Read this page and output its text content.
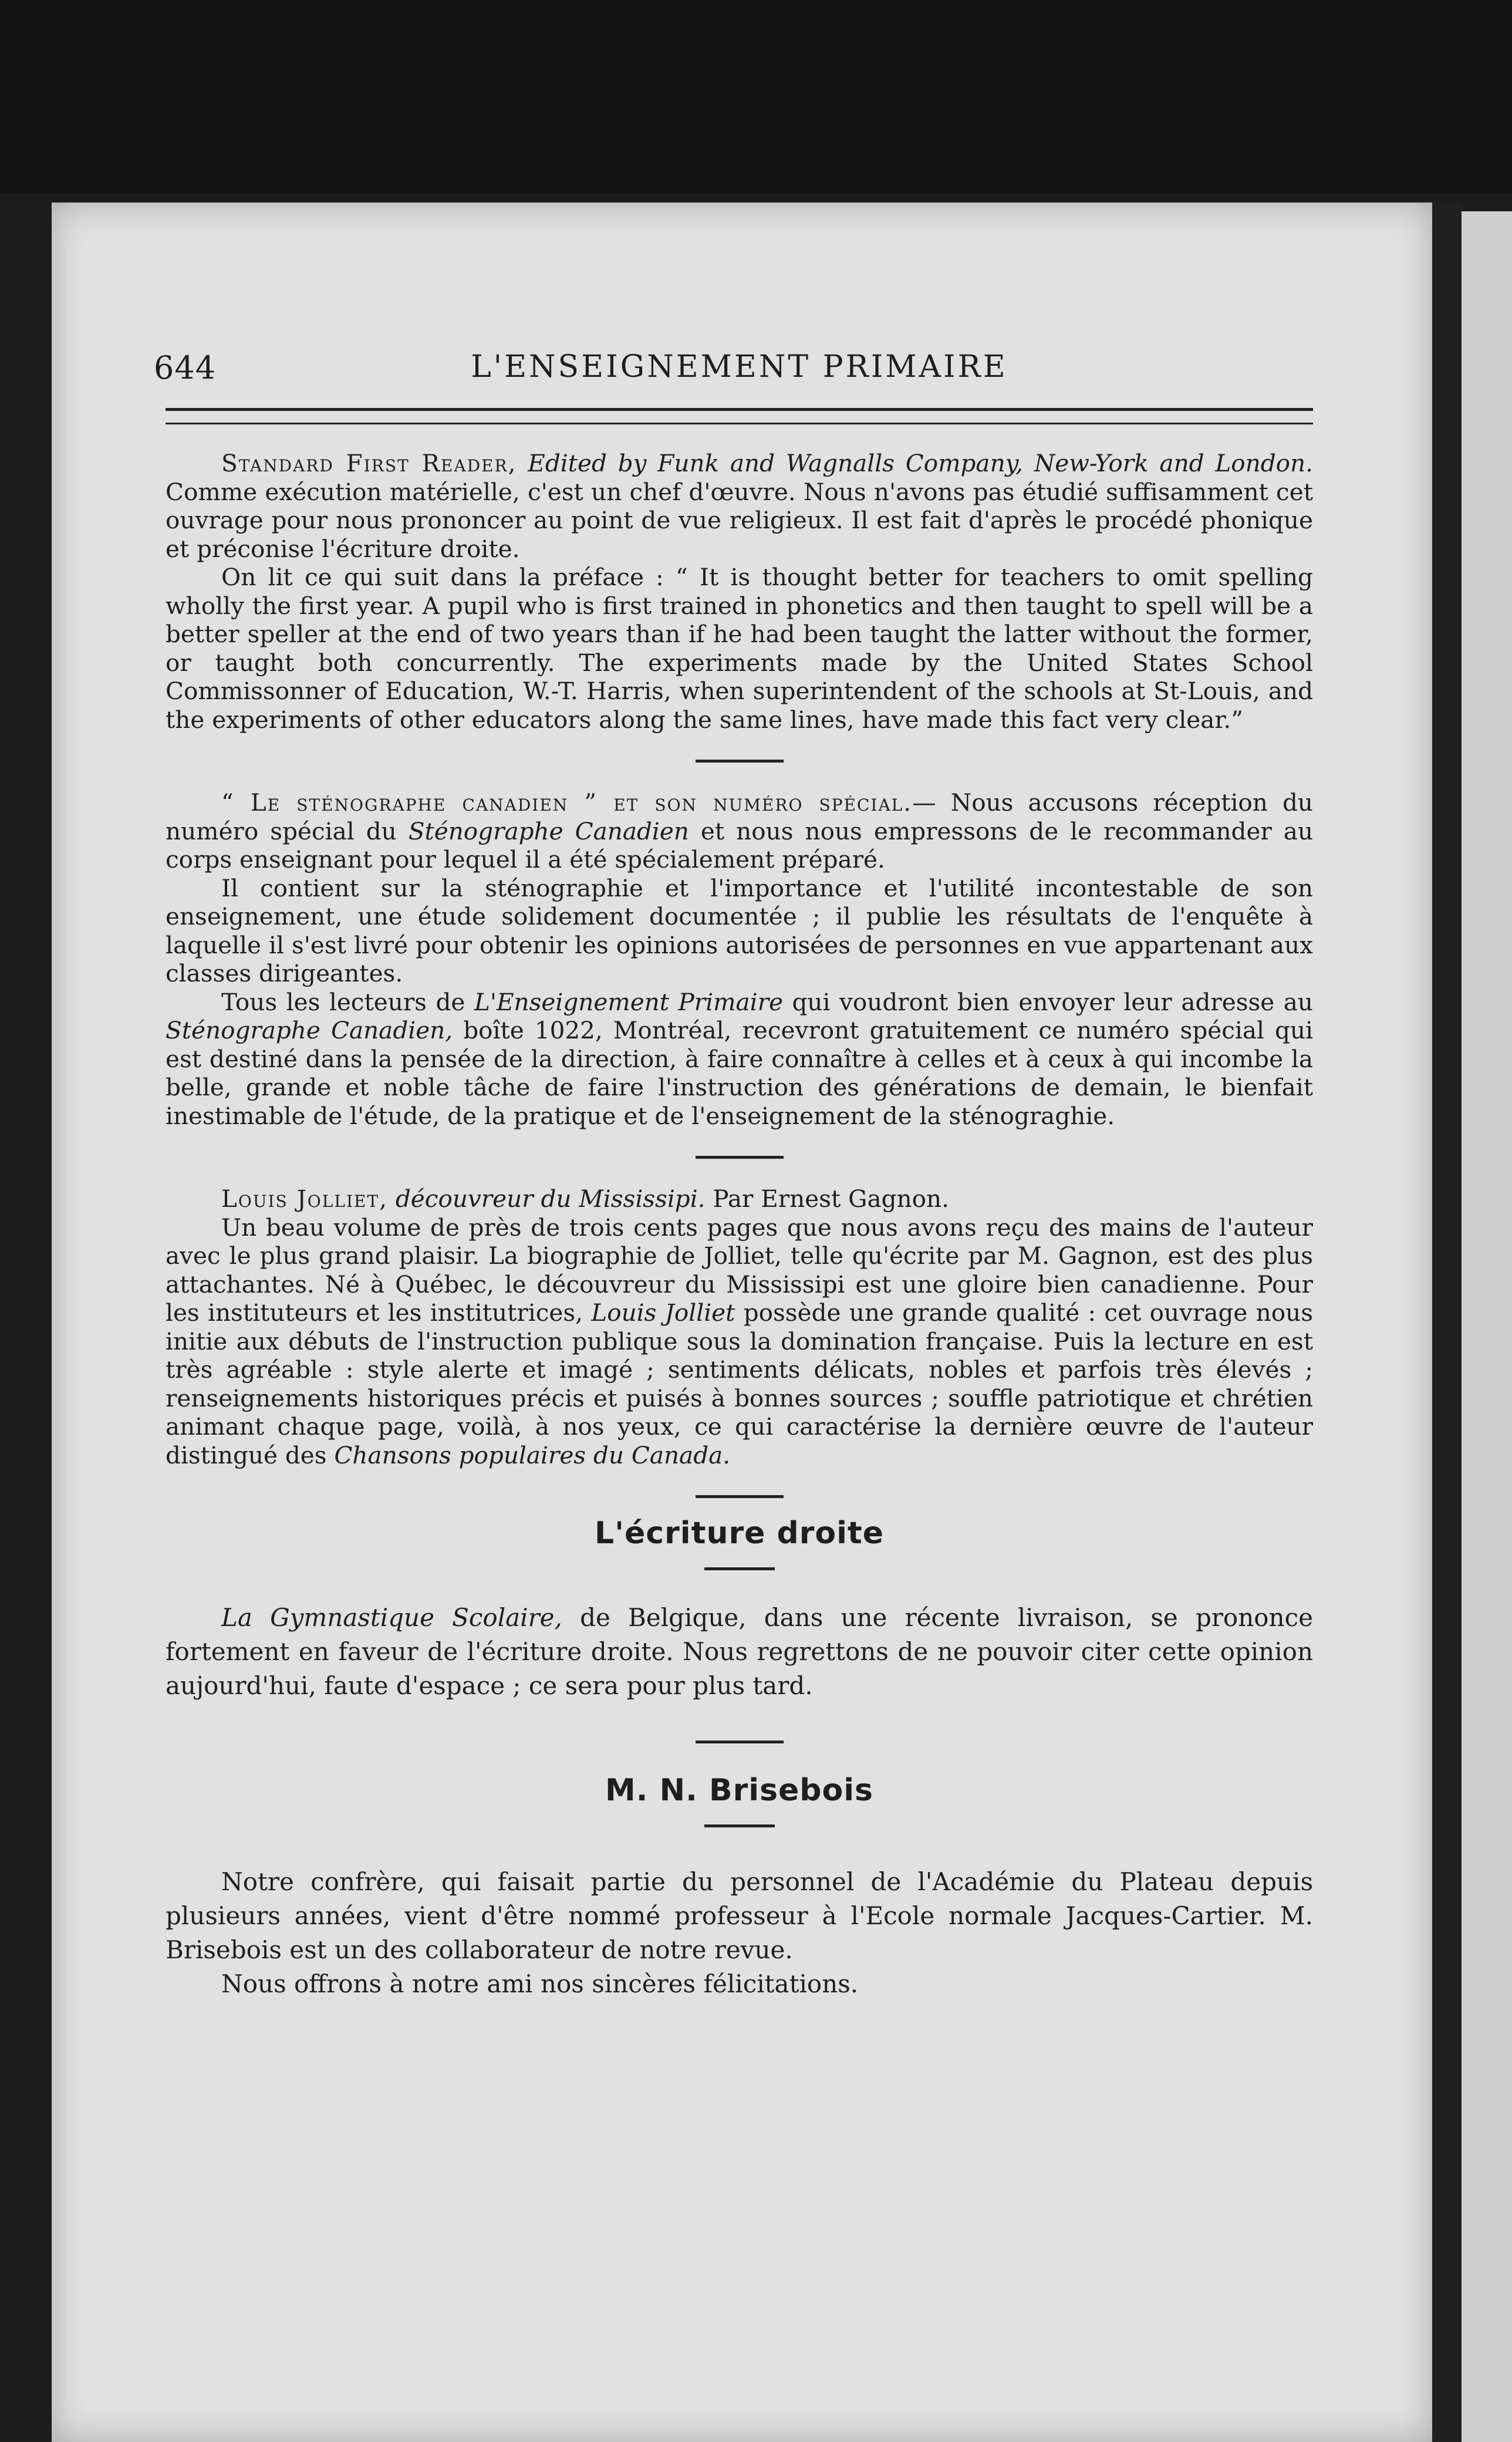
644	L'ENSEIGNEMENT PRIMAIRE

Standard First Reader, Edited by Funk and Wagnalls Company, New-York and London. Comme exécution matérielle, c'est un chef d'œuvre. Nous n'avons pas étudié suffisamment cet ouvrage pour nous prononcer au point de vue religieux. Il est fait d'après le procédé phonique et préconise l'écriture droite.

On lit ce qui suit dans la préface : “ It is thought better for teachers to omit spelling wholly the first year. A pupil who is first trained in phonetics and then taught to spell will be a better speller at the end of two years than if he had been taught the latter without the former, or taught both concurrently. The experiments made by the United States School Commissonner of Education, W.-T. Harris, when superintendent of the schools at St-Louis, and the experiments of other educators along the same lines, have made this fact very clear.”

“ Le sténographe canadien ” et son numéro spécial.— Nous accusons réception du numéro spécial du Sténographe Canadien et nous nous empressons de le recommander au corps enseignant pour lequel il a été spécialement préparé.

Il contient sur la sténographie et l'importance et l'utilité incontestable de son enseignement, une étude solidement documentée ; il publie les résultats de l'enquête à laquelle il s'est livré pour obtenir les opinions autorisées de personnes en vue appartenant aux classes dirigeantes.

Tous les lecteurs de L'Enseignement Primaire qui voudront bien envoyer leur adresse au Sténographe Canadien, boîte 1022, Montréal, recevront gratuitement ce numéro spécial qui est destiné dans la pensée de la direction, à faire connaître à celles et à ceux à qui incombe la belle, grande et noble tâche de faire l'instruction des générations de demain, le bienfait inestimable de l'étude, de la pratique et de l'enseignement de la sténograghie.

Louis Jolliet, découvreur du Mississipi. Par Ernest Gagnon.

Un beau volume de près de trois cents pages que nous avons reçu des mains de l'auteur avec le plus grand plaisir. La biographie de Jolliet, telle qu'écrite par M. Gagnon, est des plus attachantes. Né à Québec, le découvreur du Mississipi est une gloire bien canadienne. Pour les instituteurs et les institutrices, Louis Jolliet possède une grande qualité : cet ouvrage nous initie aux débuts de l'instruction publique sous la domination française. Puis la lecture en est très agréable : style alerte et imagé ; sentiments délicats, nobles et parfois très élevés ; renseignements historiques précis et puisés à bonnes sources ; souffle patriotique et chrétien animant chaque page, voilà, à nos yeux, ce qui caractérise la dernière œuvre de l'auteur distingué des Chansons populaires du Canada.

L'écriture droite

La Gymnastique Scolaire, de Belgique, dans une récente livraison, se prononce fortement en faveur de l'écriture droite. Nous regrettons de ne pouvoir citer cette opinion aujourd'hui, faute d'espace ; ce sera pour plus tard.

M. N. Brisebois

Notre confrère, qui faisait partie du personnel de l'Académie du Plateau depuis plusieurs années, vient d'être nommé professeur à l'Ecole normale Jacques-Cartier. M. Brisebois est un des collaborateur de notre revue.

Nous offrons à notre ami nos sincères félicitations.
